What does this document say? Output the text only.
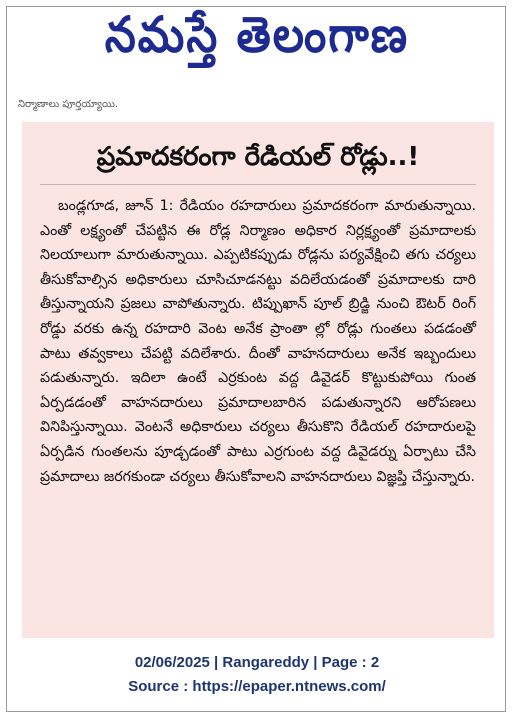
నమస్తే తెలంగాణ
నిర్మాణాలు పూర్తయ్యాయి.
ప్రమాదకరంగా రేడియల్ రోడ్లు..!

బండ్లగూడ, జూన్ 1: రేడియం రహదారులు ప్రమాదకరంగా మారుతున్నాయి. ఎంతో లక్ష్యంతో చేపట్టిన ఈ రోడ్ల నిర్మాణం అధికార నిర్లక్ష్యంతో ప్రమాదాలకు నిలయాలుగా మారుతున్నాయి. ఎప్పటికప్పుడు రోడ్లను పర్యవేక్షించి తగు చర్యలు తీసుకోవాల్సిన అధికారులు చూసిచూడనట్టు వదిలేయడంతో ప్రమాదాలకు దారి తీస్తున్నాయని ప్రజలు వాపోతున్నారు. టిప్పుఖాన్ పూల్ బ్రిడ్జి నుంచి ఔటర్ రింగ్ రోడ్డు వరకు ఉన్న రహదారి వెంట అనేక ప్రాంతా ల్లో రోడ్లు గుంతలు పడడంతో పాటు తవ్వకాలు చేపట్టి వదిలేశారు. దీంతో వాహనదారులు అనేక ఇబ్బందులు పడుతున్నారు. ఇదిలా ఉంటే ఎర్రకుంట వద్ద డివైడర్ కొట్టుకుపోయి గుంత ఏర్పడడంతో వాహనదారులు ప్రమాదాలబారిన పడుతున్నారని ఆరోపణలు వినిపిస్తున్నాయి. వెంటనే అధికారులు చర్యలు తీసుకొని రేడియల్ రహదారులపై ఏర్పడిన గుంతలను పూడ్చడంతో పాటు ఎర్రగుంట వద్ద డివైడర్ను ఏర్పాటు చేసి ప్రమాదాలు జరగకుండా చర్యలు తీసుకోవాలని వాహనదారులు విజ్ఞప్తి చేస్తున్నారు.

02/06/2025 | Rangareddy | Page : 2
Source : https://epaper.ntnews.com/
